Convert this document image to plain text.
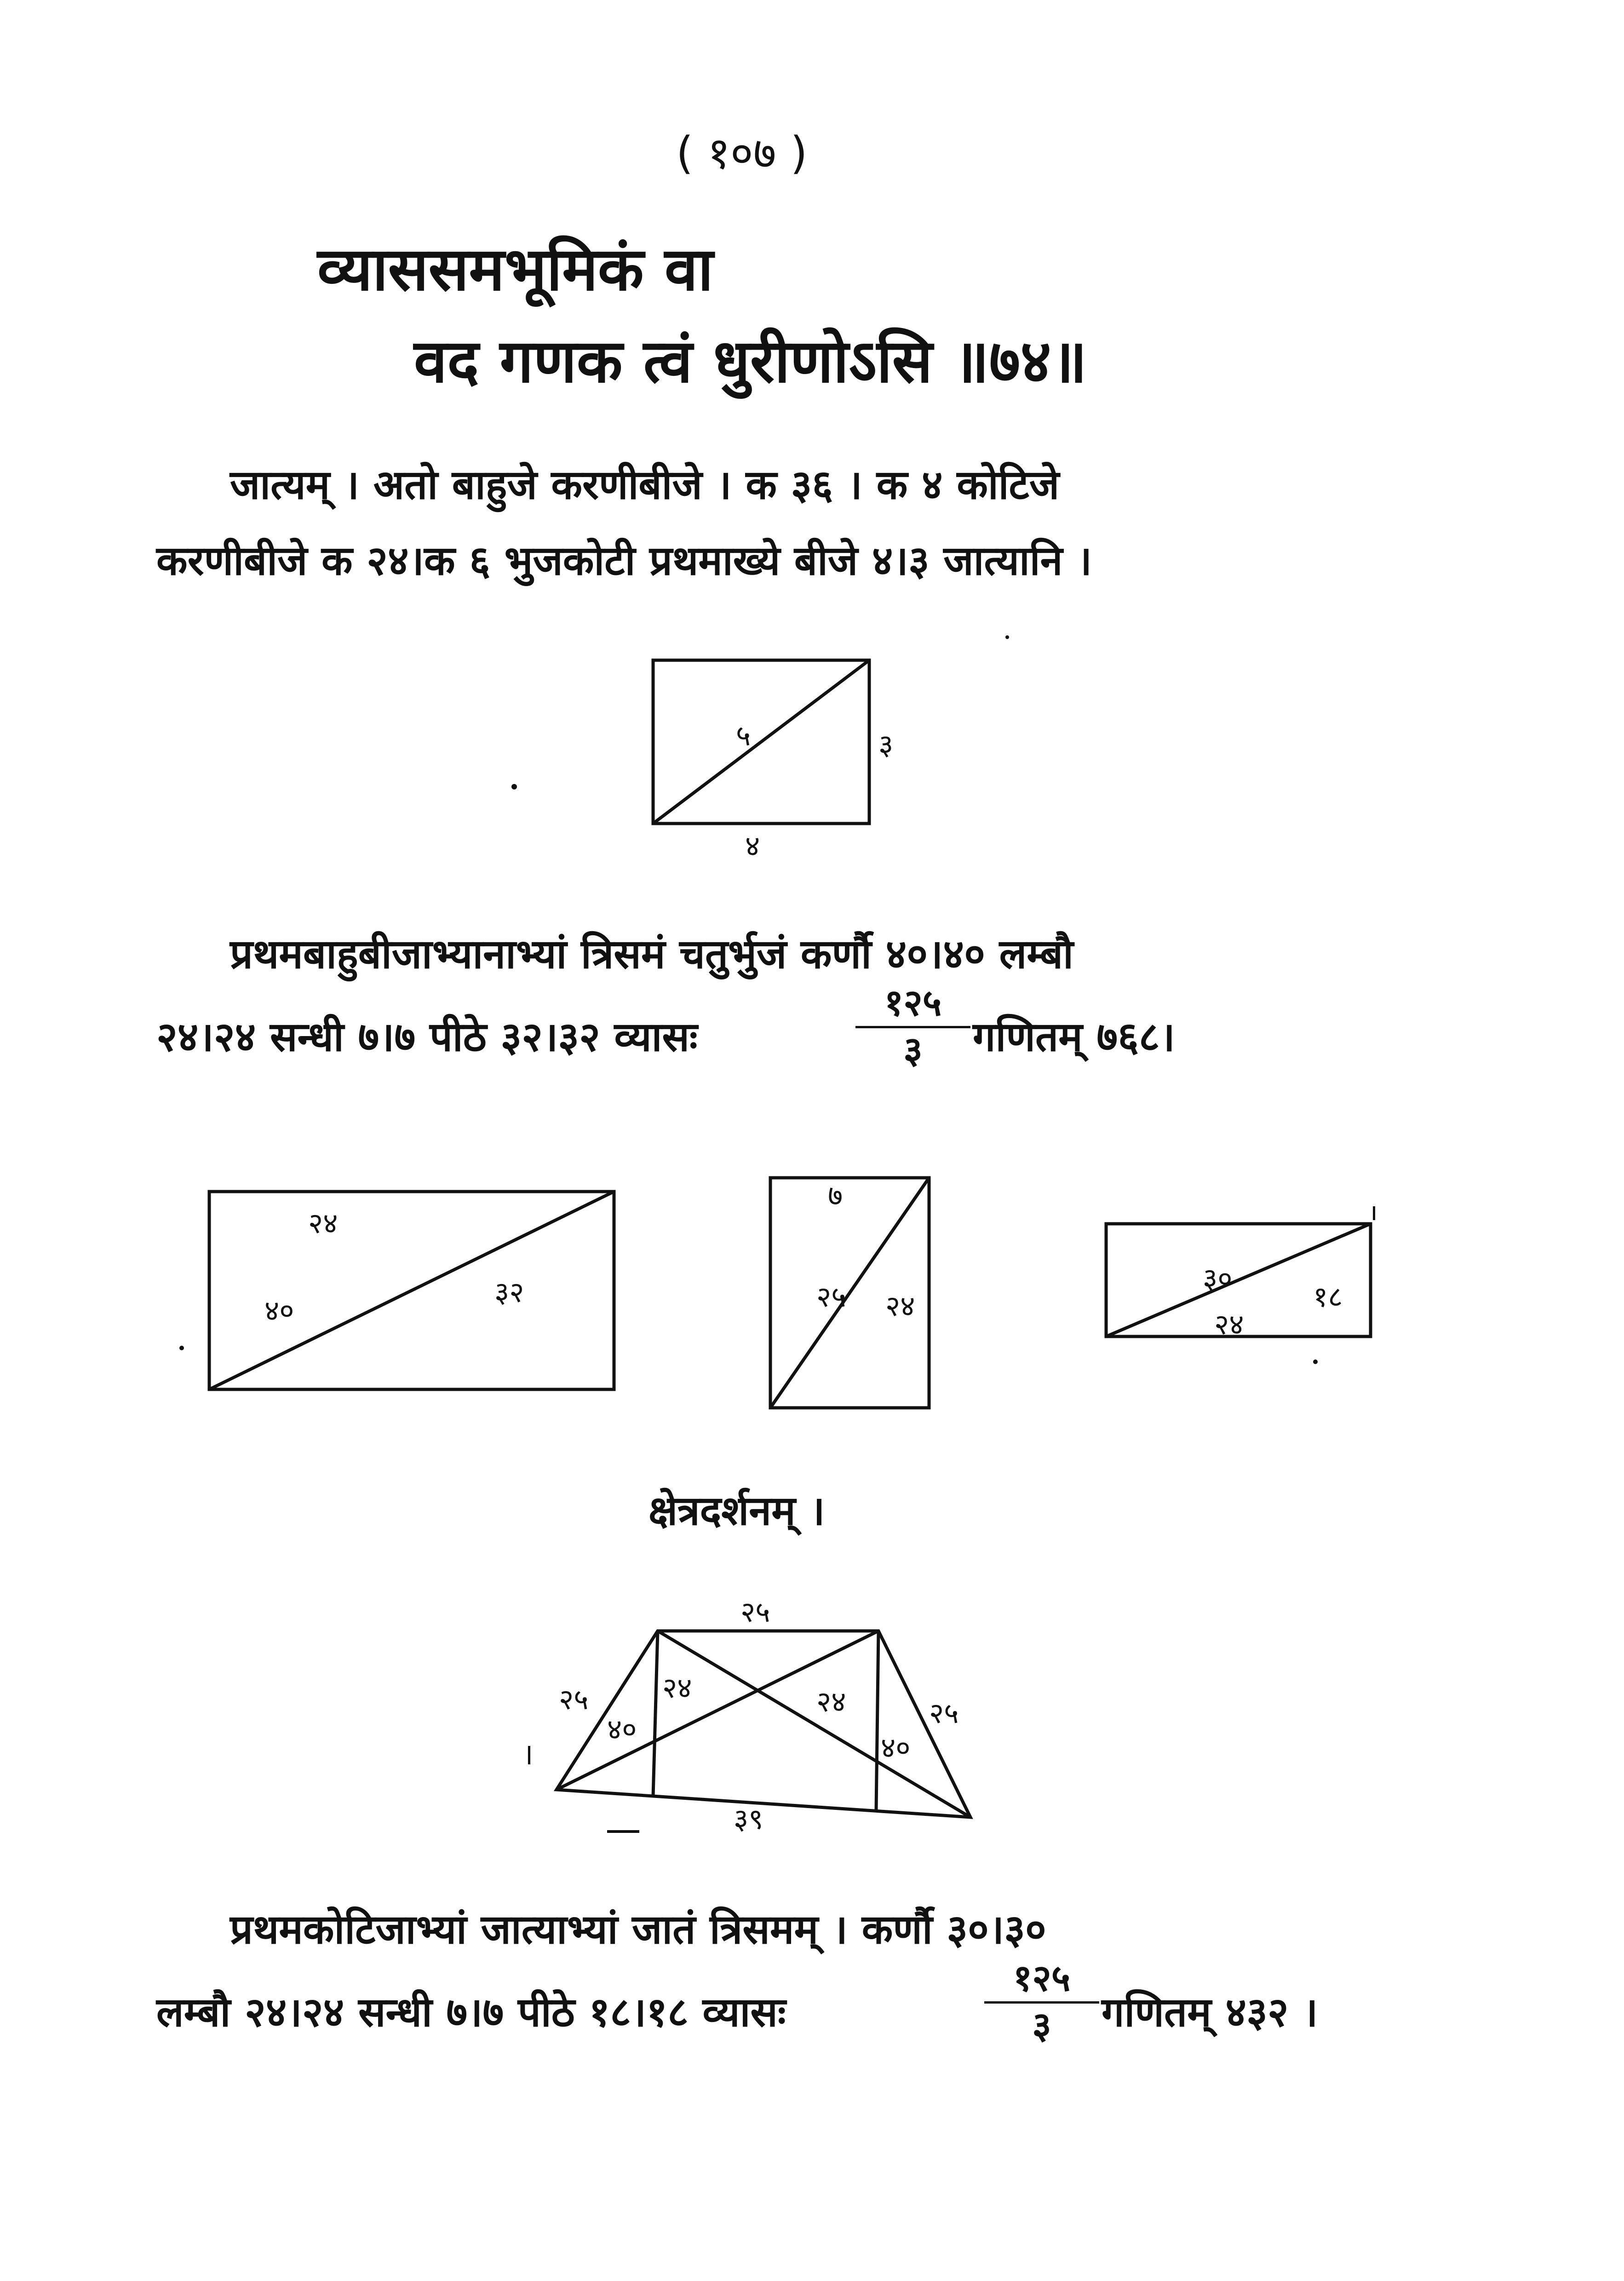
( १०७ )
व्याससमभूमिकं वा
वद गणक त्वं धुरीणोऽसि ॥७४॥
जात्यम् । अतो बाहुजे करणीबीजे । क ३६ । क ४ कोटिजे
करणीबीजे क २४।क ६ भुजकोटी प्रथमाख्ये बीजे ४।३ जात्यानि ।
प्रथमबाहुबीजाभ्यानाभ्यां त्रिसमं चतुर्भुजं कर्णौ ४०।४० लम्बौ
२४।२४ सन्धी ७।७ पीठे ३२।३२ व्यासः
१२५
३	गणितम् ७६८।
क्षेत्रदर्शनम् ।
प्रथमकोटिजाभ्यां जात्याभ्यां जातं त्रिसमम् । कर्णौ ३०।३०
लम्बौ २४।२४ सन्धी ७।७ पीठे १८।१८ व्यासः
१२५
३	गणितम् ४३२ ।
५	३
४
२४
४०
३२
७
२५ २४
३०
१८
२४
२५
२५
४०
२४	२४
४०
२५
३९
